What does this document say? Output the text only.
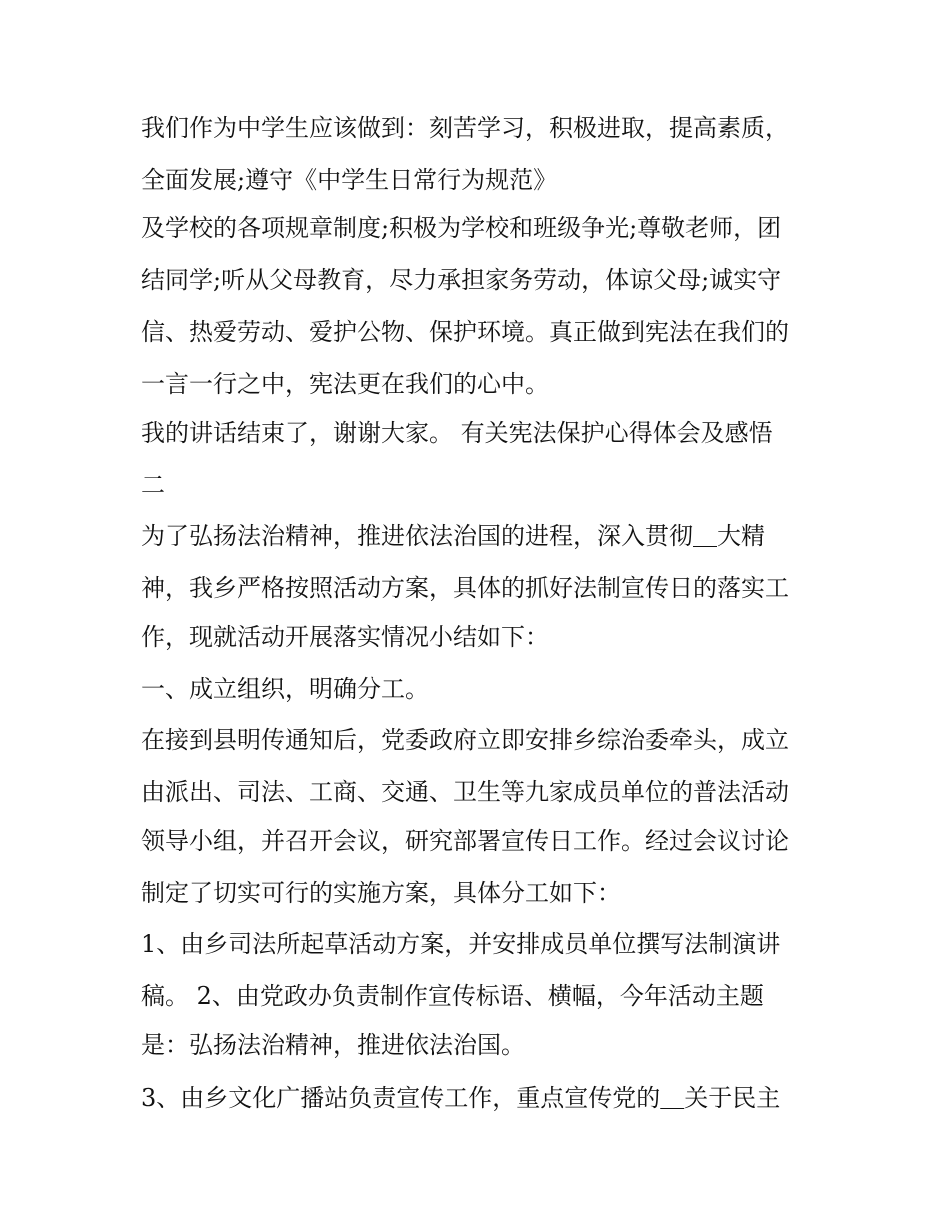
我们作为中学生应该做到：刻苦学习，积极进取，提高素质，

全面发展;遵守《中学生日常行为规范》

及学校的各项规章制度;积极为学校和班级争光;尊敬老师，团

结同学;听从父母教育，尽力承担家务劳动，体谅父母;诚实守

信、热爱劳动、爱护公物、保护环境。真正做到宪法在我们的

一言一行之中，宪法更在我们的心中。

我的讲话结束了，谢谢大家。 有关宪法保护心得体会及感悟

二

为了弘扬法治精神，推进依法治国的进程，深入贯彻＿大精

神，我乡严格按照活动方案，具体的抓好法制宣传日的落实工

作，现就活动开展落实情况小结如下：

一、成立组织，明确分工。

在接到县明传通知后，党委政府立即安排乡综治委牵头，成立

由派出、司法、工商、交通、卫生等九家成员单位的普法活动

领导小组，并召开会议，研究部署宣传日工作。经过会议讨论

制定了切实可行的实施方案，具体分工如下：

1、由乡司法所起草活动方案，并安排成员单位撰写法制演讲

稿。 2、由党政办负责制作宣传标语、横幅，今年活动主题

是：弘扬法治精神，推进依法治国。

3、由乡文化广播站负责宣传工作，重点宣传党的＿关于民主
